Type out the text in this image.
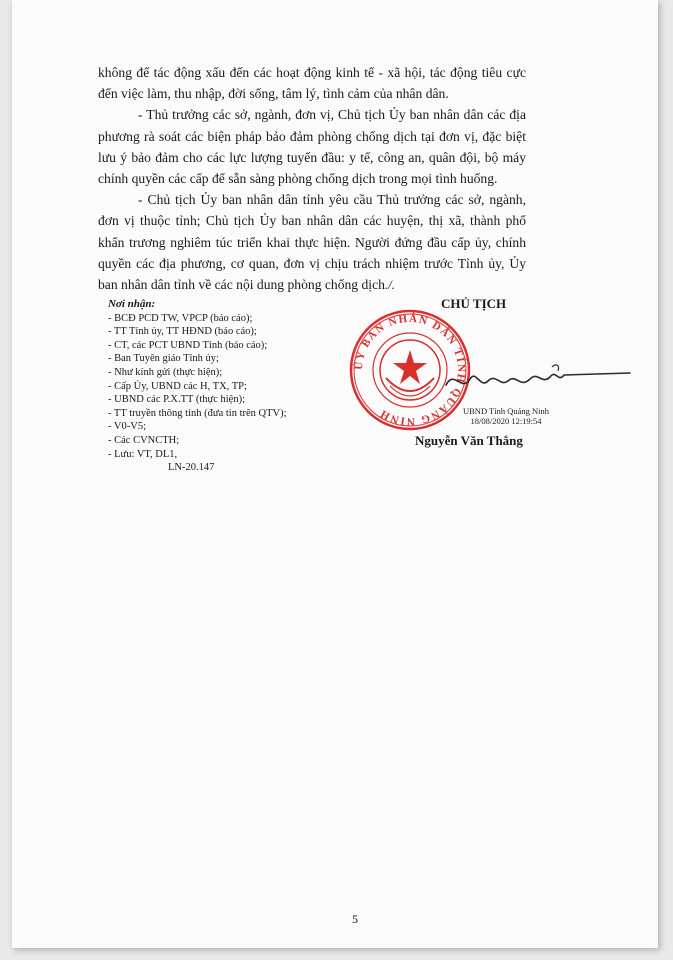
không để tác động xấu đến các hoạt động kinh tế - xã hội, tác động tiêu cực đến việc làm, thu nhập, đời sống, tâm lý, tình cảm của nhân dân.

- Thủ trưởng các sở, ngành, đơn vị, Chủ tịch Ủy ban nhân dân các địa phương rà soát các biện pháp bảo đảm phòng chống dịch tại đơn vị, đặc biệt lưu ý bảo đảm cho các lực lượng tuyến đầu: y tế, công an, quân đội, bộ máy chính quyền các cấp để sẵn sàng phòng chống dịch trong mọi tình huống.

- Chủ tịch Ủy ban nhân dân tỉnh yêu cầu Thủ trưởng các sở, ngành, đơn vị thuộc tỉnh; Chủ tịch Ủy ban nhân dân các huyện, thị xã, thành phố khẩn trương nghiêm túc triển khai thực hiện. Người đứng đầu cấp ủy, chính quyền các địa phương, cơ quan, đơn vị chịu trách nhiệm trước Tỉnh ủy, Ủy ban nhân dân tỉnh về các nội dung phòng chống dịch./.

Nơi nhận:
- BCĐ PCD TW, VPCP (báo cáo);
- TT Tỉnh ủy, TT HĐND (báo cáo);
- CT, các PCT UBND Tỉnh (báo cáo);
- Ban Tuyên giáo Tỉnh ủy;
- Như kính gửi (thực hiện);
- Cấp Ủy, UBND các H, TX, TP;
- UBND các P.X.TT (thực hiện);
- TT truyền thông tỉnh (đưa tin trên QTV);
- V0-V5;
- Các CVNCTH;
- Lưu: VT, DL1,
LN-20.147
CHỦ TỊCH
ỦY BAN NHÂN DÂN TỈNH QUẢNG NINH	UBND Tỉnh Quảng Ninh
18/08/2020 12:19:54
Nguyễn Văn Thắng
5
